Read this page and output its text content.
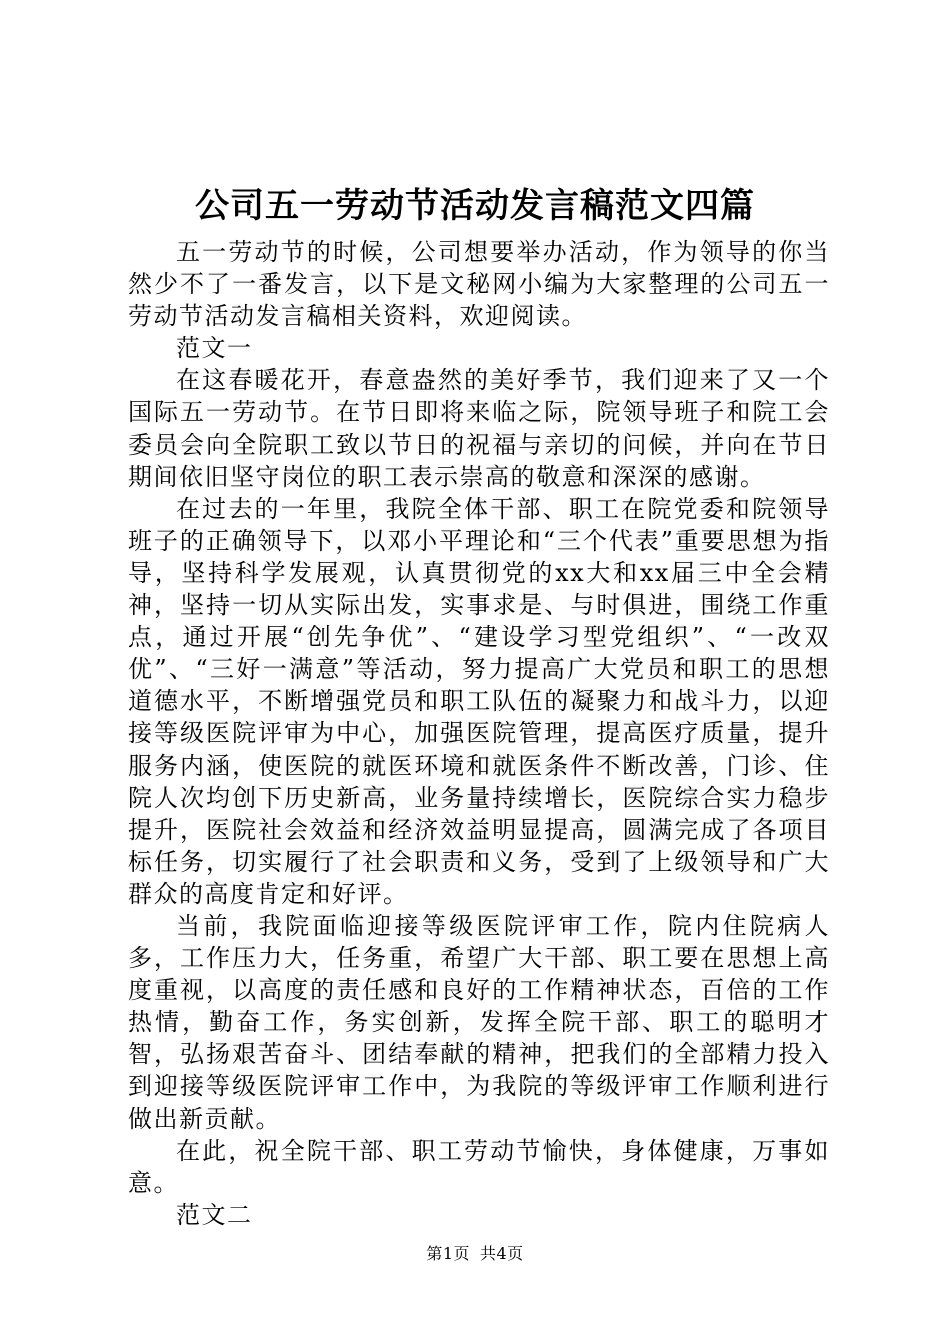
公司五一劳动节活动发言稿范文四篇

五一劳动节的时候，公司想要举办活动，作为领导的你当然少不了一番发言，以下是文秘网小编为大家整理的公司五一劳动节活动发言稿相关资料，欢迎阅读。

范文一

在这春暖花开，春意盎然的美好季节，我们迎来了又一个国际五一劳动节。在节日即将来临之际，院领导班子和院工会委员会向全院职工致以节日的祝福与亲切的问候，并向在节日期间依旧坚守岗位的职工表示崇高的敬意和深深的感谢。

在过去的一年里，我院全体干部、职工在院党委和院领导班子的正确领导下，以邓小平理论和“三个代表”重要思想为指导，坚持科学发展观，认真贯彻党的xx大和xx届三中全会精神，坚持一切从实际出发，实事求是、与时俱进，围绕工作重点，通过开展“创先争优”、“建设学习型党组织”、“一改双优”、“三好一满意”等活动，努力提高广大党员和职工的思想道德水平，不断增强党员和职工队伍的凝聚力和战斗力，以迎接等级医院评审为中心，加强医院管理，提高医疗质量，提升服务内涵，使医院的就医环境和就医条件不断改善，门诊、住院人次均创下历史新高，业务量持续增长，医院综合实力稳步提升，医院社会效益和经济效益明显提高，圆满完成了各项目标任务，切实履行了社会职责和义务，受到了上级领导和广大群众的高度肯定和好评。

当前，我院面临迎接等级医院评审工作，院内住院病人多，工作压力大，任务重，希望广大干部、职工要在思想上高度重视，以高度的责任感和良好的工作精神状态，百倍的工作热情，勤奋工作，务实创新，发挥全院干部、职工的聪明才智，弘扬艰苦奋斗、团结奉献的精神，把我们的全部精力投入到迎接等级医院评审工作中，为我院的等级评审工作顺利进行做出新贡献。

在此，祝全院干部、职工劳动节愉快，身体健康，万事如意。

范文二

第1页 共4页
